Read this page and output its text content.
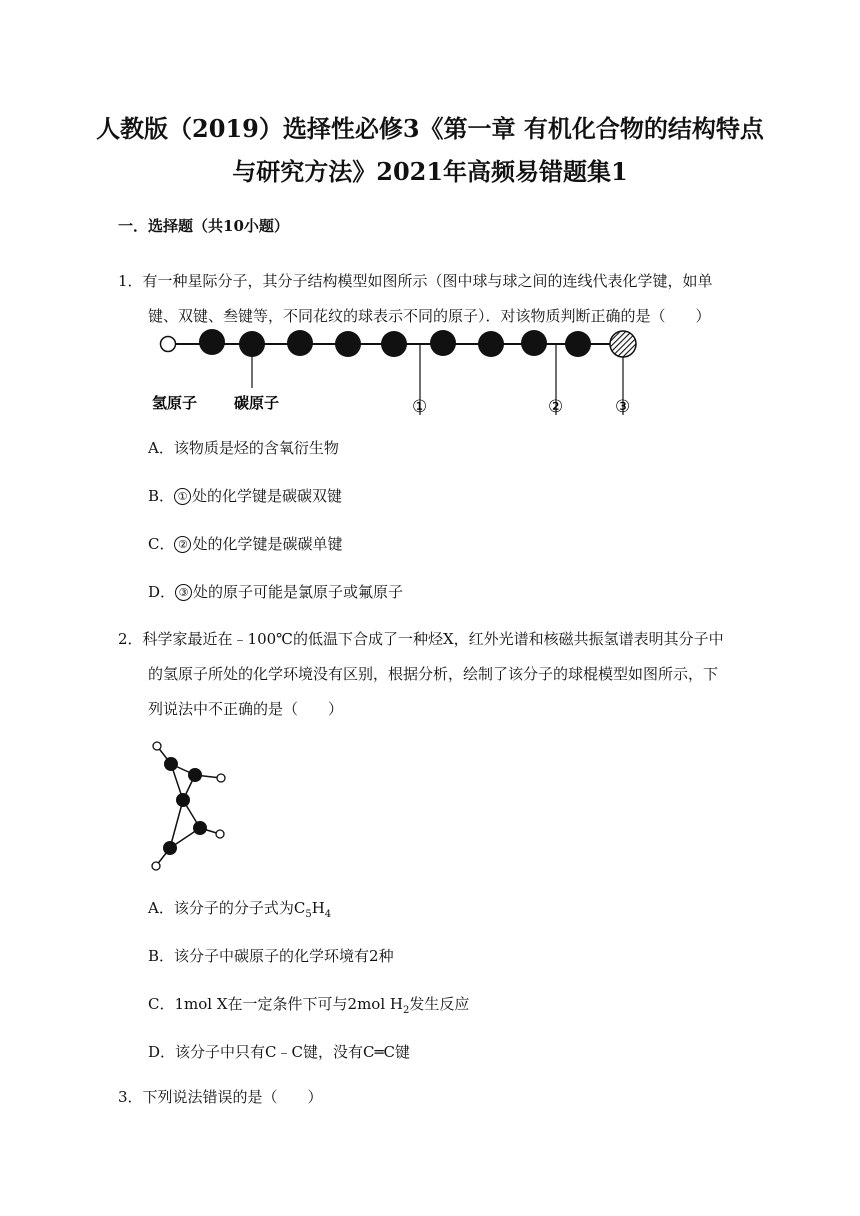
人教版（2019）选择性必修3《第一章 有机化合物的结构特点
与研究方法》2021年高频易错题集1
一．选择题（共10小题）
1．有一种星际分子，其分子结构模型如图所示（图中球与球之间的连线代表化学键，如单
键、双键、叁键等，不同花纹的球表示不同的原子）．对该物质判断正确的是（　　）
氢原子 碳原子	①	②	③
A．该物质是烃的含氧衍生物
B． ① 处的化学键是碳碳双键
C． ② 处的化学键是碳碳单键
D． ③ 处的原子可能是氯原子或氟原子
2．科学家最近在﹣100℃的低温下合成了一种烃X，红外光谱和核磁共振氢谱表明其分子中
的氢原子所处的化学环境没有区别，根据分析，绘制了该分子的球棍模型如图所示，下
列说法中不正确的是（　　）
A．该分子的分子式为$C_5H_4$
B．该分子中碳原子的化学环境有2种
C．1mol X在一定条件下可与2mol $H_2$发生反应
D．该分子中只有C﹣C键，没有C═C键
3．下列说法错误的是（　　）
